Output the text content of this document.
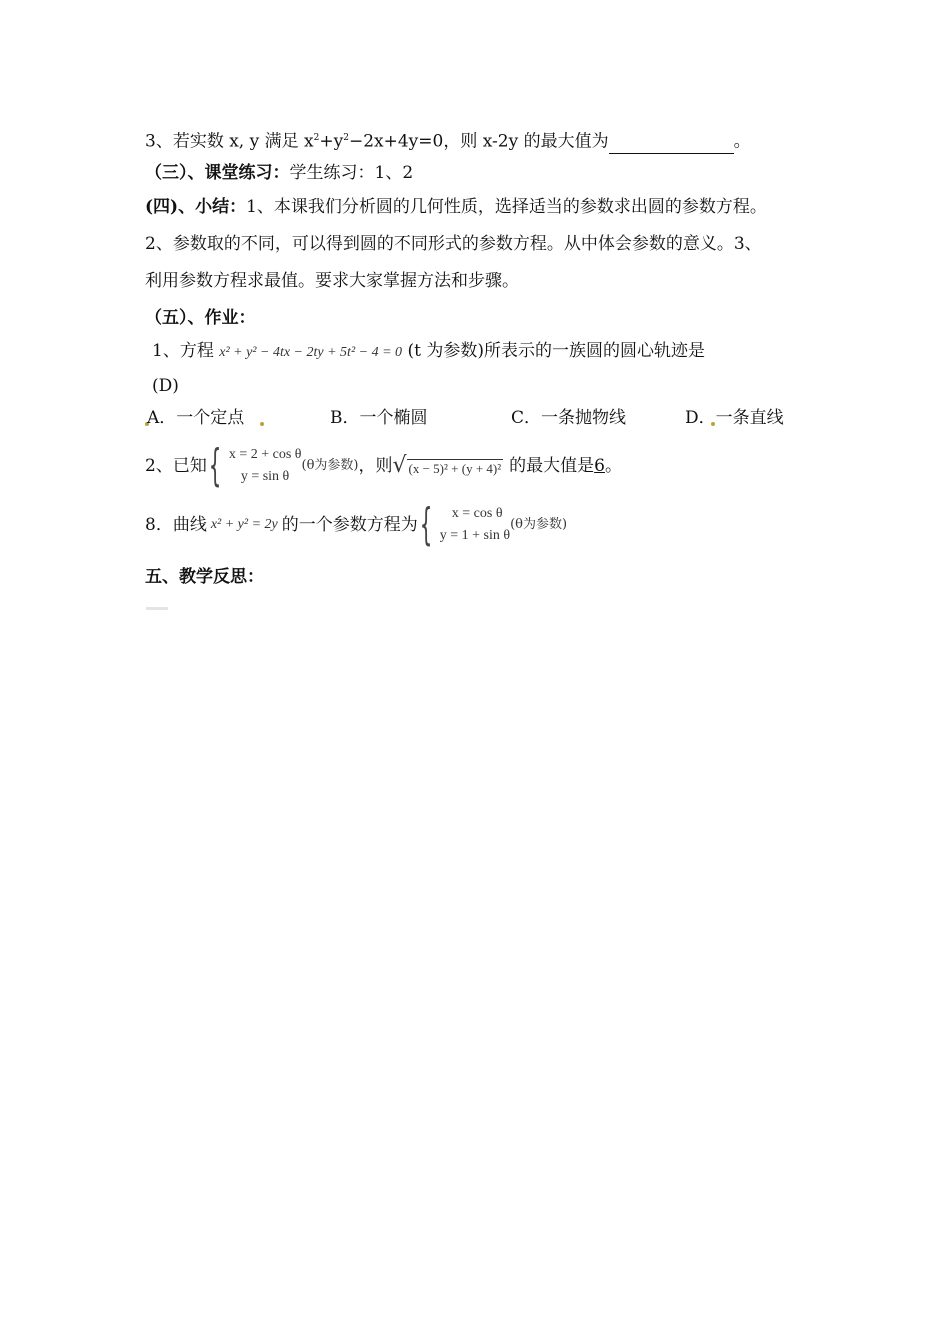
3、若实数 x, y 满足 $x^2+y^2-2x+4y=0$，则 x-2y 的最大值为	。
（三）、课堂练习：学生练习：1、2
(四)、小结：1、本课我们分析圆的几何性质，选择适当的参数求出圆的参数方程。
2、参数取的不同，可以得到圆的不同形式的参数方程。从中体会参数的意义。3、
利用参数方程求最值。要求大家掌握方法和步骤。
（五）、作业：
1、方程 x² + y² − 4tx − 2ty + 5t² − 4 = 0 (t 为参数)所表示的一族圆的圆心轨迹是
(D)
A．一个定点	B．一个椭圆	C．一条抛物线	D．一条直线
2、已知 { x = 2 + cos θ
y = sin θ
(θ为参数) ，则 √ (x − 5)² + (y + 4)² 的最大值是 6 。
8．曲线 x² + y² = 2y 的一个参数方程为 {	x = cos θ
y = 1 + sin θ
(θ为参数)
五、教学反思：
